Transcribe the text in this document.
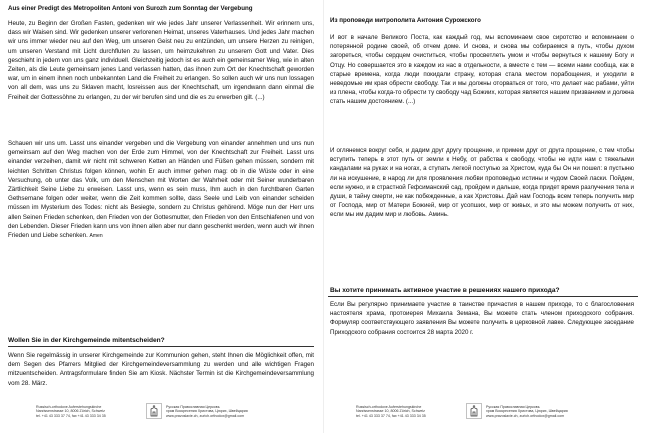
Aus einer Predigt des Metropoliten Antoni von Surozh zum Sonntag der Vergebung

Heute, zu Beginn der Großen Fasten, gedenken wir wie jedes Jahr unserer Verlassenheit. Wir erinnern uns, dass wir Waisen sind. Wir gedenken unserer verlorenen Heimat, unseres Vaterhauses. Und jedes Jahr machen wir uns immer wieder neu auf den Weg, um unseren Geist neu zu entzünden, um unsere Herzen zu reinigen, um unseren Verstand mit Licht durchfluten zu lassen, um heimzukehren zu unserem Gott und Vater. Dies geschieht in jedem von uns ganz individuell. Gleichzeitig jedoch ist es auch ein gemeinsamer Weg, wie in alten Zeiten, als die Leute gemeinsam jenes Land verlassen hatten, das ihnen zum Ort der Knechtschaft geworden war, um in einem ihnen noch unbekannten Land die Freiheit zu erlangen. So sollen auch wir uns nun lossagen von all dem, was uns zu Sklaven macht, losreissen aus der Knechtschaft, um irgendwann dann einmal die Freiheit der Gottessöhne zu erlangen, zu der wir berufen sind und die es zu erwerben gilt. (...)

Schauen wir uns um. Lasst uns einander vergeben und die Vergebung von einander annehmen und uns nun gemeinsam auf den Weg machen von der Erde zum Himmel, von der Knechtschaft zur Freiheit. Lasst uns einander verzeihen, damit wir nicht mit schweren Ketten an Händen und Füßen gehen müssen, sondern mit leichten Schritten Christus folgen können, wohin Er auch immer gehen mag: ob in die Wüste oder in eine Versuchung, ob unter das Volk, um den Menschen mit Worten der Wahrheit oder mit Seiner wunderbaren Zärtlichkeit Seine Liebe zu erweisen. Lasst uns, wenn es sein muss, Ihm auch in den furchtbaren Garten Gethsemane folgen oder weiter, wenn die Zeit kommen sollte, dass Seele und Leib von einander scheiden müssen im Mysterium des Todes: nicht als Besiegte, sondern zu Christus gehörend. Möge nun der Herr uns allen Seinen Frieden schenken, den Frieden von der Gottesmutter, den Frieden von den Entschlafenen und von den Lebenden. Dieser Frieden kann uns von ihnen allen aber nur dann geschenkt werden, wenn auch wir ihnen Frieden und Liebe schenken. Amen

Wollen Sie in der Kirchgemeinde mitentscheiden?

Wenn Sie regelmässig in unserer Kirchgemeinde zur Kommunion gehen, steht Ihnen die Möglichkeit offen, mit dem Segen des Pfarrers Mitglied der Kirchgemeindeversammlung zu werden und alle wichtigen Fragen mitzuentscheiden. Antragsformulare finden Sie am Kiosk. Nächster Termin ist die Kirchgemeindeversammlung vom 28. März.

Russisch-orthodoxe Auferstehungskirche
Narzissenstrasse 10, 8006 Zürich, Schweiz
tel. +41 43 333 37 74, fax +41 43 333 34 35
Русская Православная Церковь
храм Воскресения Христова, Цюрих, Швейцария
www.pravoslavie.ch, zurich.orthodox@gmail.com
Из проповеди митрополита Антония Сурожского

И вот в начале Великого Поста, как каждый год, мы вспоминаем свое сиротство и вспоминаем о потерянной родине своей, об отчем доме. И снова, и снова мы собираемся в путь, чтобы духом загореться, чтобы сердцем очиститься, чтобы просветлеть умом и чтобы вернуться к нашему Богу и Отцу. Но совершается это в каждом из нас в отдельности, а вместе с тем — всеми нами сообща, как в старые времена, когда люди покидали страну, которая стала местом порабощения, и уходили в неведомые им края обрести свободу. Так и мы должны оторваться от того, что делает нас рабами, уйти из плена, чтобы когда-то обрести ту свободу чад Божиих, которая является нашим призванием и должна стать нашим достоянием. (...)

И оглянемся вокруг себя, и дадим друг другу прощение, и примем друг от друга прощение, с тем чтобы вступить теперь в этот путь от земли к Небу, от рабства к свободу, чтобы не идти нам с тяжелыми кандалами на руках и на ногах, а ступать легкой поступью за Христом, куда бы Он ни пошел: в пустыню ли на искушение, в народ ли для проявления любви проповедью истины и чудом Своей ласки. Пойдем, если нужно, и в страстной Гефсиманский сад, пройдем и дальше, когда придет время разлучения тела и души, в тайну смерти, не как побежденные, а как Христовы. Дай нам Господь всем теперь получить мир от Господа, мир от Матери Божией, мир от усопших, мир от живых, и это мы можем получить от них, если мы им дадим мир и любовь. Аминь.

Вы хотите принимать активное участие в решениях нашего прихода?

Если Вы регулярно принимаете участие в таинстве причастия в нашем приходе, то с благословения настоятеля храма, протоиерея Михаила Земана, Вы можете стать членом приходского собрания. Формуляр соответствующего заявления Вы можете получить в церковной лавке. Следующее заседание Приходского собрания состоится 28 марта 2020 г.

Russisch-orthodoxe Auferstehungskirche
Narzissenstrasse 10, 8006 Zürich, Schweiz
tel. +41 43 333 37 74, fax +41 43 333 34 35
Русская Православная Церковь
храм Воскресения Христова, Цюрих, Швейцария
www.pravoslavie.ch, zurich.orthodox@gmail.com
